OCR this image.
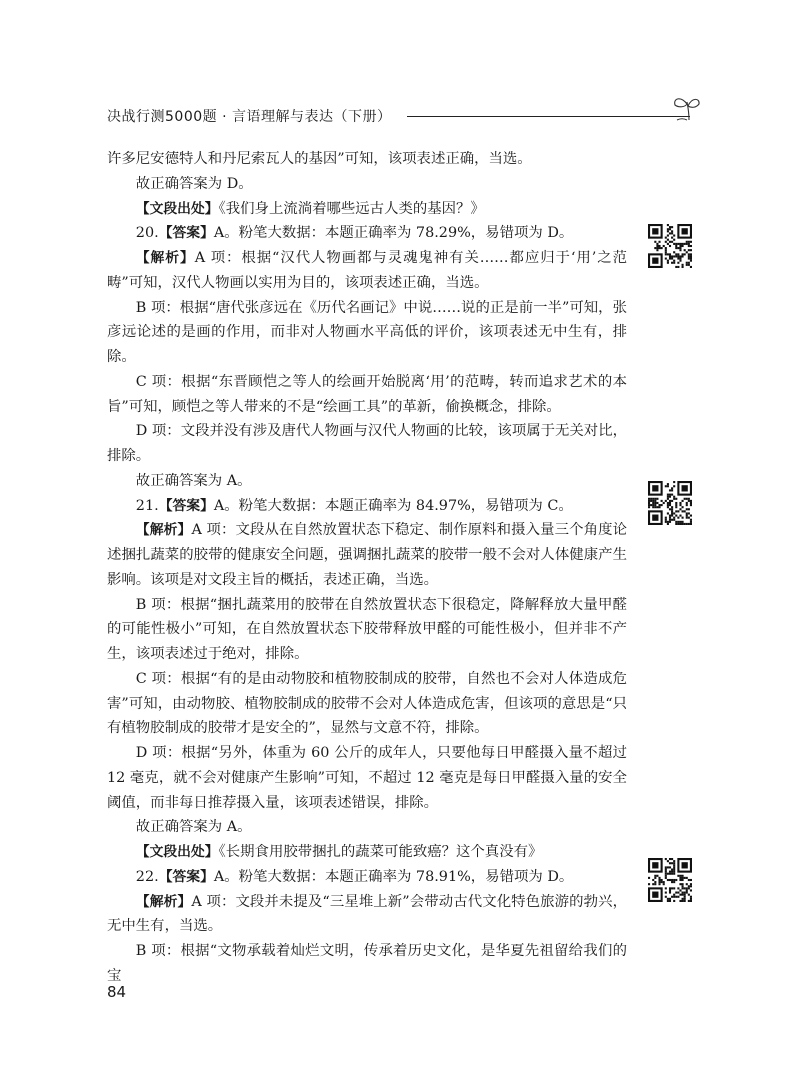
决战行测5000题 · 言语理解与表达（下册）

许多尼安德特人和丹尼索瓦人的基因”可知，该项表述正确，当选。

故正确答案为 D。

【文段出处】《我们身上流淌着哪些远古人类的基因？》

20.【答案】A。粉笔大数据：本题正确率为 78.29%，易错项为 D。

【解析】A 项：根据“汉代人物画都与灵魂鬼神有关……都应归于‘用’之范畴”可知，汉代人物画以实用为目的，该项表述正确，当选。

B 项：根据“唐代张彦远在《历代名画记》中说……说的正是前一半”可知，张彦远论述的是画的作用，而非对人物画水平高低的评价，该项表述无中生有，排除。

C 项：根据“东晋顾恺之等人的绘画开始脱离‘用’的范畴，转而追求艺术的本旨”可知，顾恺之等人带来的不是“绘画工具”的革新，偷换概念，排除。

D 项：文段并没有涉及唐代人物画与汉代人物画的比较，该项属于无关对比，排除。

故正确答案为 A。

21.【答案】A。粉笔大数据：本题正确率为 84.97%，易错项为 C。

【解析】A 项：文段从在自然放置状态下稳定、制作原料和摄入量三个角度论述捆扎蔬菜的胶带的健康安全问题，强调捆扎蔬菜的胶带一般不会对人体健康产生影响。该项是对文段主旨的概括，表述正确，当选。

B 项：根据“捆扎蔬菜用的胶带在自然放置状态下很稳定，降解释放大量甲醛的可能性极小”可知，在自然放置状态下胶带释放甲醛的可能性极小，但并非不产生，该项表述过于绝对，排除。

C 项：根据“有的是由动物胶和植物胶制成的胶带，自然也不会对人体造成危害”可知，由动物胶、植物胶制成的胶带不会对人体造成危害，但该项的意思是“只有植物胶制成的胶带才是安全的”，显然与文意不符，排除。

D 项：根据“另外，体重为 60 公斤的成年人，只要他每日甲醛摄入量不超过 12 毫克，就不会对健康产生影响”可知，不超过 12 毫克是每日甲醛摄入量的安全阈值，而非每日推荐摄入量，该项表述错误，排除。

故正确答案为 A。

【文段出处】《长期食用胶带捆扎的蔬菜可能致癌？这个真没有》

22.【答案】A。粉笔大数据：本题正确率为 78.91%，易错项为 D。

【解析】A 项：文段并未提及“三星堆上新”会带动古代文化特色旅游的勃兴，无中生有，当选。

B 项：根据“文物承载着灿烂文明，传承着历史文化，是华夏先祖留给我们的宝

84
